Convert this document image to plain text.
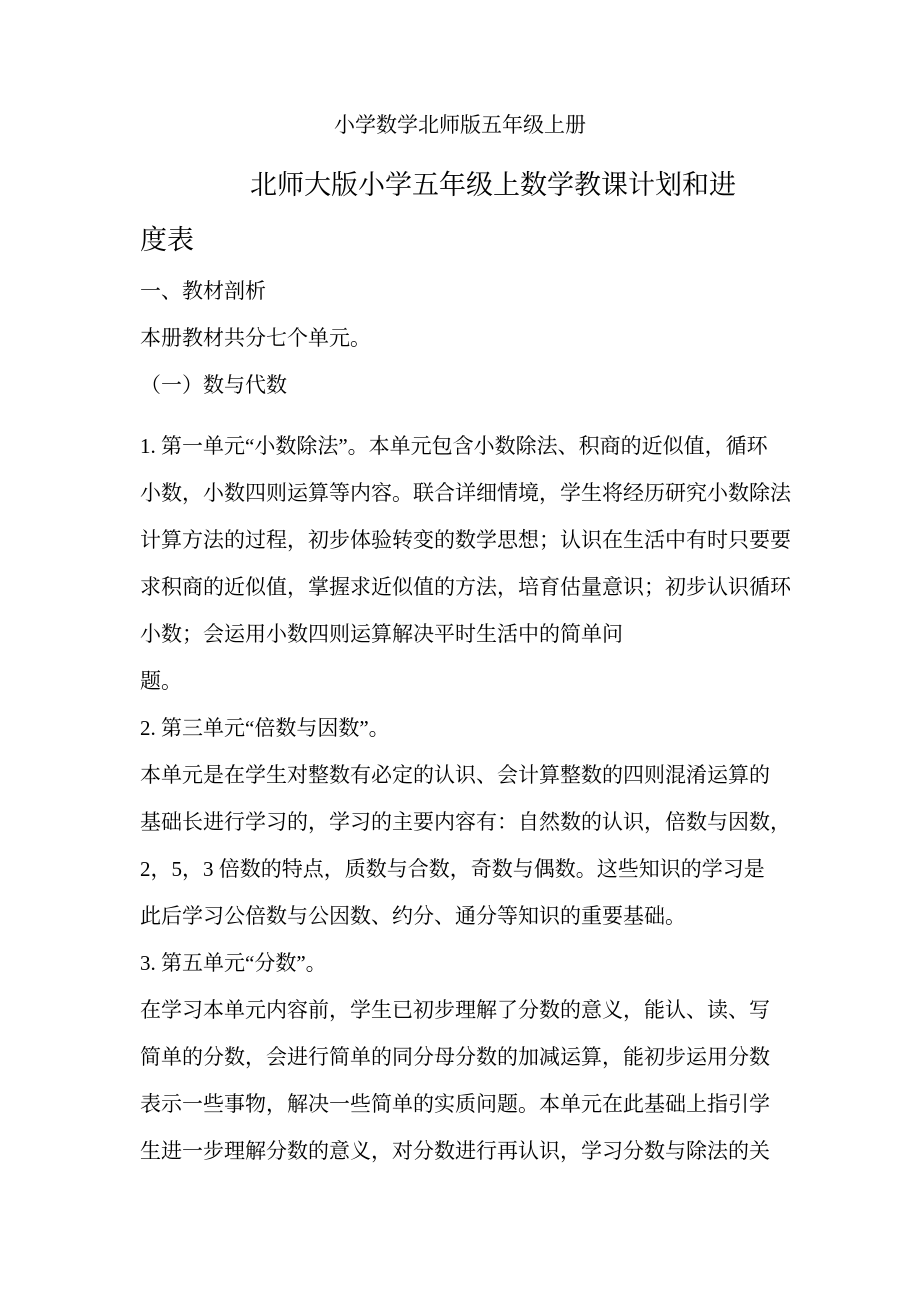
小学数学北师版五年级上册
北师大版小学五年级上数学教课计划和进
度表
一、教材剖析
本册教材共分七个单元。
（一）数与代数
1. 第一单元“小数除法”。本单元包含小数除法、积商的近似值，循环
小数，小数四则运算等内容。联合详细情境，学生将经历研究小数除法
计算方法的过程，初步体验转变的数学思想；认识在生活中有时只要要
求积商的近似值，掌握求近似值的方法，培育估量意识；初步认识循环
小数；会运用小数四则运算解决平时生活中的简单问
题。
2. 第三单元“倍数与因数”。
本单元是在学生对整数有必定的认识、会计算整数的四则混淆运算的
基础长进行学习的，学习的主要内容有：自然数的认识，倍数与因数，
2，5，3 倍数的特点，质数与合数，奇数与偶数。这些知识的学习是
此后学习公倍数与公因数、约分、通分等知识的重要基础。
3. 第五单元“分数”。
在学习本单元内容前，学生已初步理解了分数的意义，能认、读、写
简单的分数，会进行简单的同分母分数的加减运算，能初步运用分数
表示一些事物，解决一些简单的实质问题。本单元在此基础上指引学
生进一步理解分数的意义，对分数进行再认识，学习分数与除法的关
